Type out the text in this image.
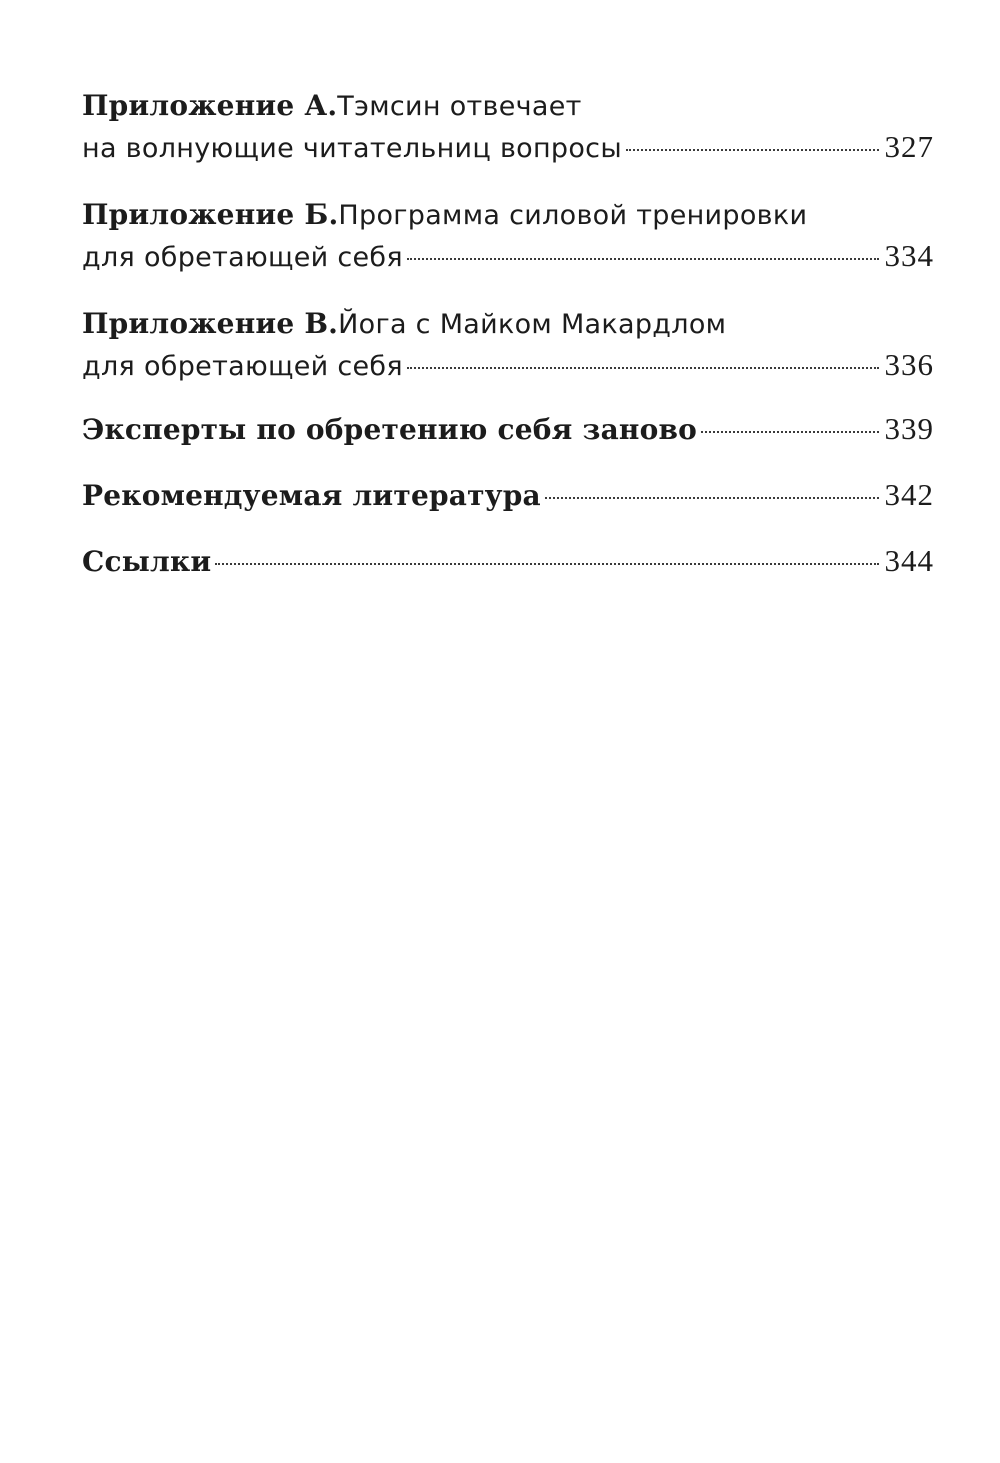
Приложение А. Тэмсин отвечает
на волнующие читательниц вопросы	327
Приложение Б. Программа силовой тренировки
для обретающей себя	334
Приложение В. Йога с Майком Макардлом
для обретающей себя	336
Эксперты по обретению себя заново	339
Рекомендуемая литература	342
Ссылки	344
